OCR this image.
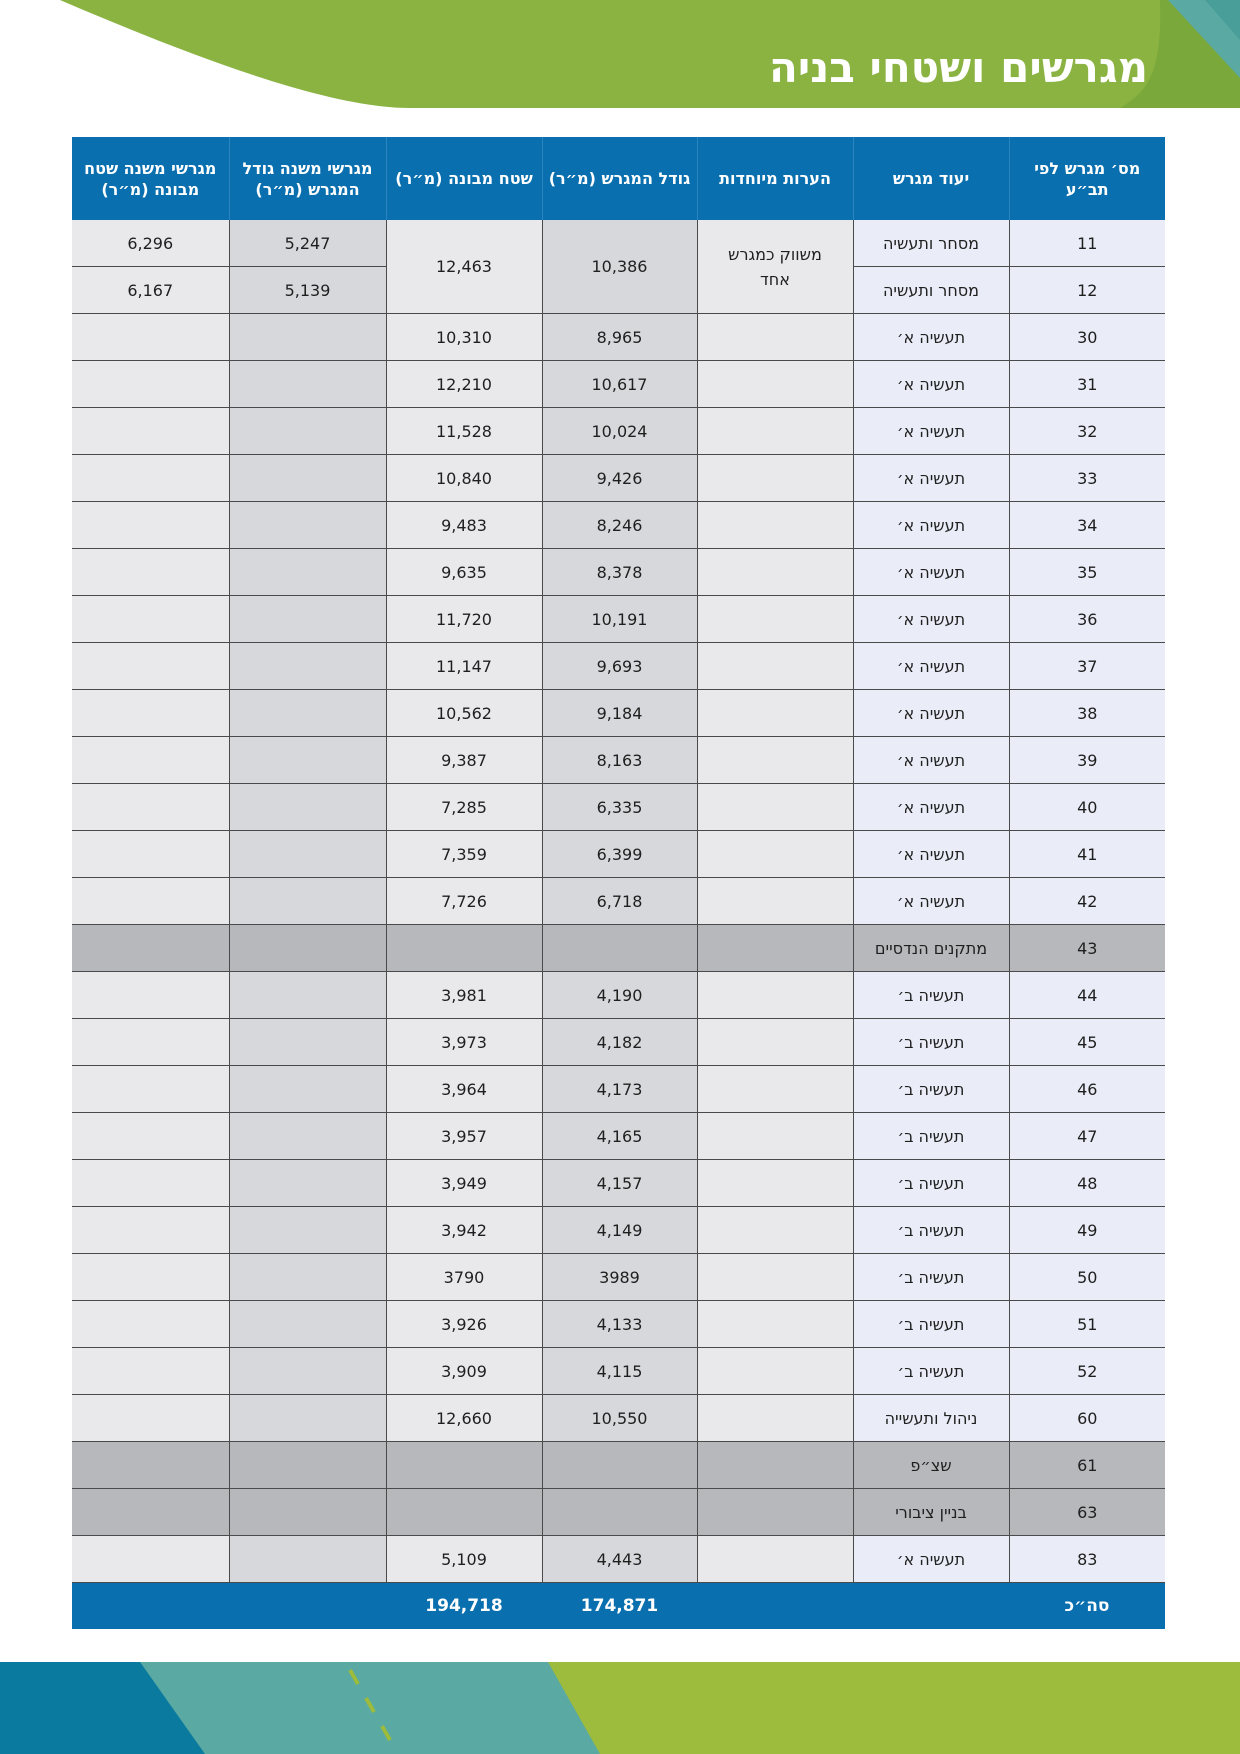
מגרשים ושטחי בניה
מס׳ מגרש לפי תב״ע	יעוד מגרש	הערות מיוחדות	גודל המגרש (מ״ר)	שטח מבונה (מ״ר)	מגרשי משנה גודל המגרש (מ״ר)	מגרשי משנה שטח מבונה (מ״ר)
11	מסחר ותעשיה	משווק כמגרש אחד	10,386	12,463	5,247	6,296
12	מסחר ותעשיה				5,139	6,167
30	תעשיה א׳		8,965	10,310		
31	תעשיה א׳		10,617	12,210		
32	תעשיה א׳		10,024	11,528		
33	תעשיה א׳		9,426	10,840		
34	תעשיה א׳		8,246	9,483		
35	תעשיה א׳		8,378	9,635		
36	תעשיה א׳		10,191	11,720		
37	תעשיה א׳		9,693	11,147		
38	תעשיה א׳		9,184	10,562		
39	תעשיה א׳		8,163	9,387		
40	תעשיה א׳		6,335	7,285		
41	תעשיה א׳		6,399	7,359		
42	תעשיה א׳		6,718	7,726		
43	מתקנים הנדסיים					
44	תעשיה ב׳		4,190	3,981		
45	תעשיה ב׳		4,182	3,973		
46	תעשיה ב׳		4,173	3,964		
47	תעשיה ב׳		4,165	3,957		
48	תעשיה ב׳		4,157	3,949		
49	תעשיה ב׳		4,149	3,942		
50	תעשיה ב׳		3989	3790		
51	תעשיה ב׳		4,133	3,926		
52	תעשיה ב׳		4,115	3,909		
60	ניהול ותעשייה		10,550	12,660		
61	שצ״פ					
63	בניין ציבורי					
83	תעשיה א׳		4,443	5,109		
סה״כ			174,871	194,718		
